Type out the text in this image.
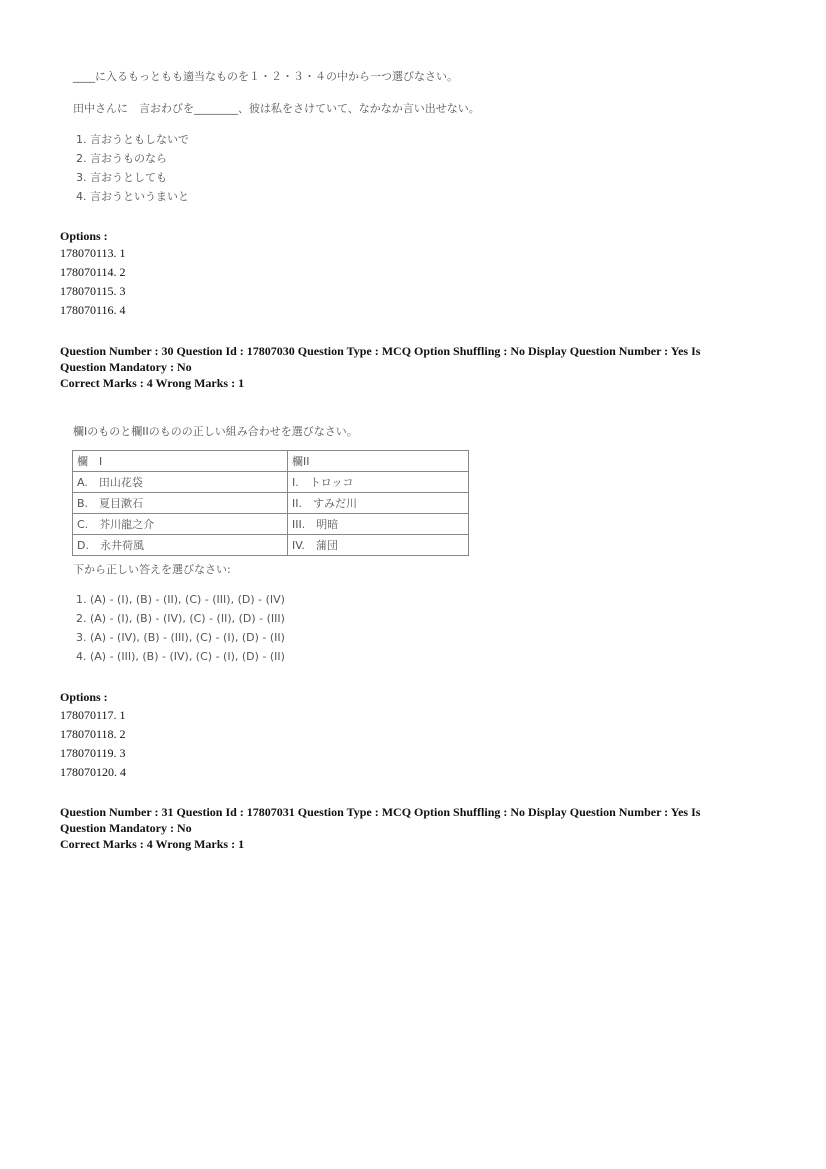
____に入るもっともも適当なものを１・２・３・４の中から一つ選びなさい。
田中さんに　言おわびを________、彼は私をさけていて、なかなか言い出せない。
1. 言おうともしないで
2. 言おうものなら
3. 言おうとしても
4. 言おうというまいと
Options :
178070113. 1
178070114. 2
178070115. 3
178070116. 4
Question Number : 30 Question Id : 17807030 Question Type : MCQ Option Shuffling : No Display Question Number : Yes Is
Question Mandatory : No
Correct Marks : 4 Wrong Marks : 1
欄Iのものと欄IIのものの正しい組み合わせを選びなさい。
欄　I	欄II
A.　田山花袋	I.　トロッコ
B.　夏目漱石	II.　すみだ川
C.　芥川龍之介	III.　明暗
D.　永井荷風	IV.　蒲団
下から正しい答えを選びなさい:
1. (A) - (I), (B) - (II), (C) - (III), (D) - (IV)
2. (A) - (I), (B) - (IV), (C) - (II), (D) - (III)
3. (A) - (IV), (B) - (III), (C) - (I), (D) - (II)
4. (A) - (III), (B) - (IV), (C) - (I), (D) - (II)
Options :
178070117. 1
178070118. 2
178070119. 3
178070120. 4
Question Number : 31 Question Id : 17807031 Question Type : MCQ Option Shuffling : No Display Question Number : Yes Is
Question Mandatory : No
Correct Marks : 4 Wrong Marks : 1
